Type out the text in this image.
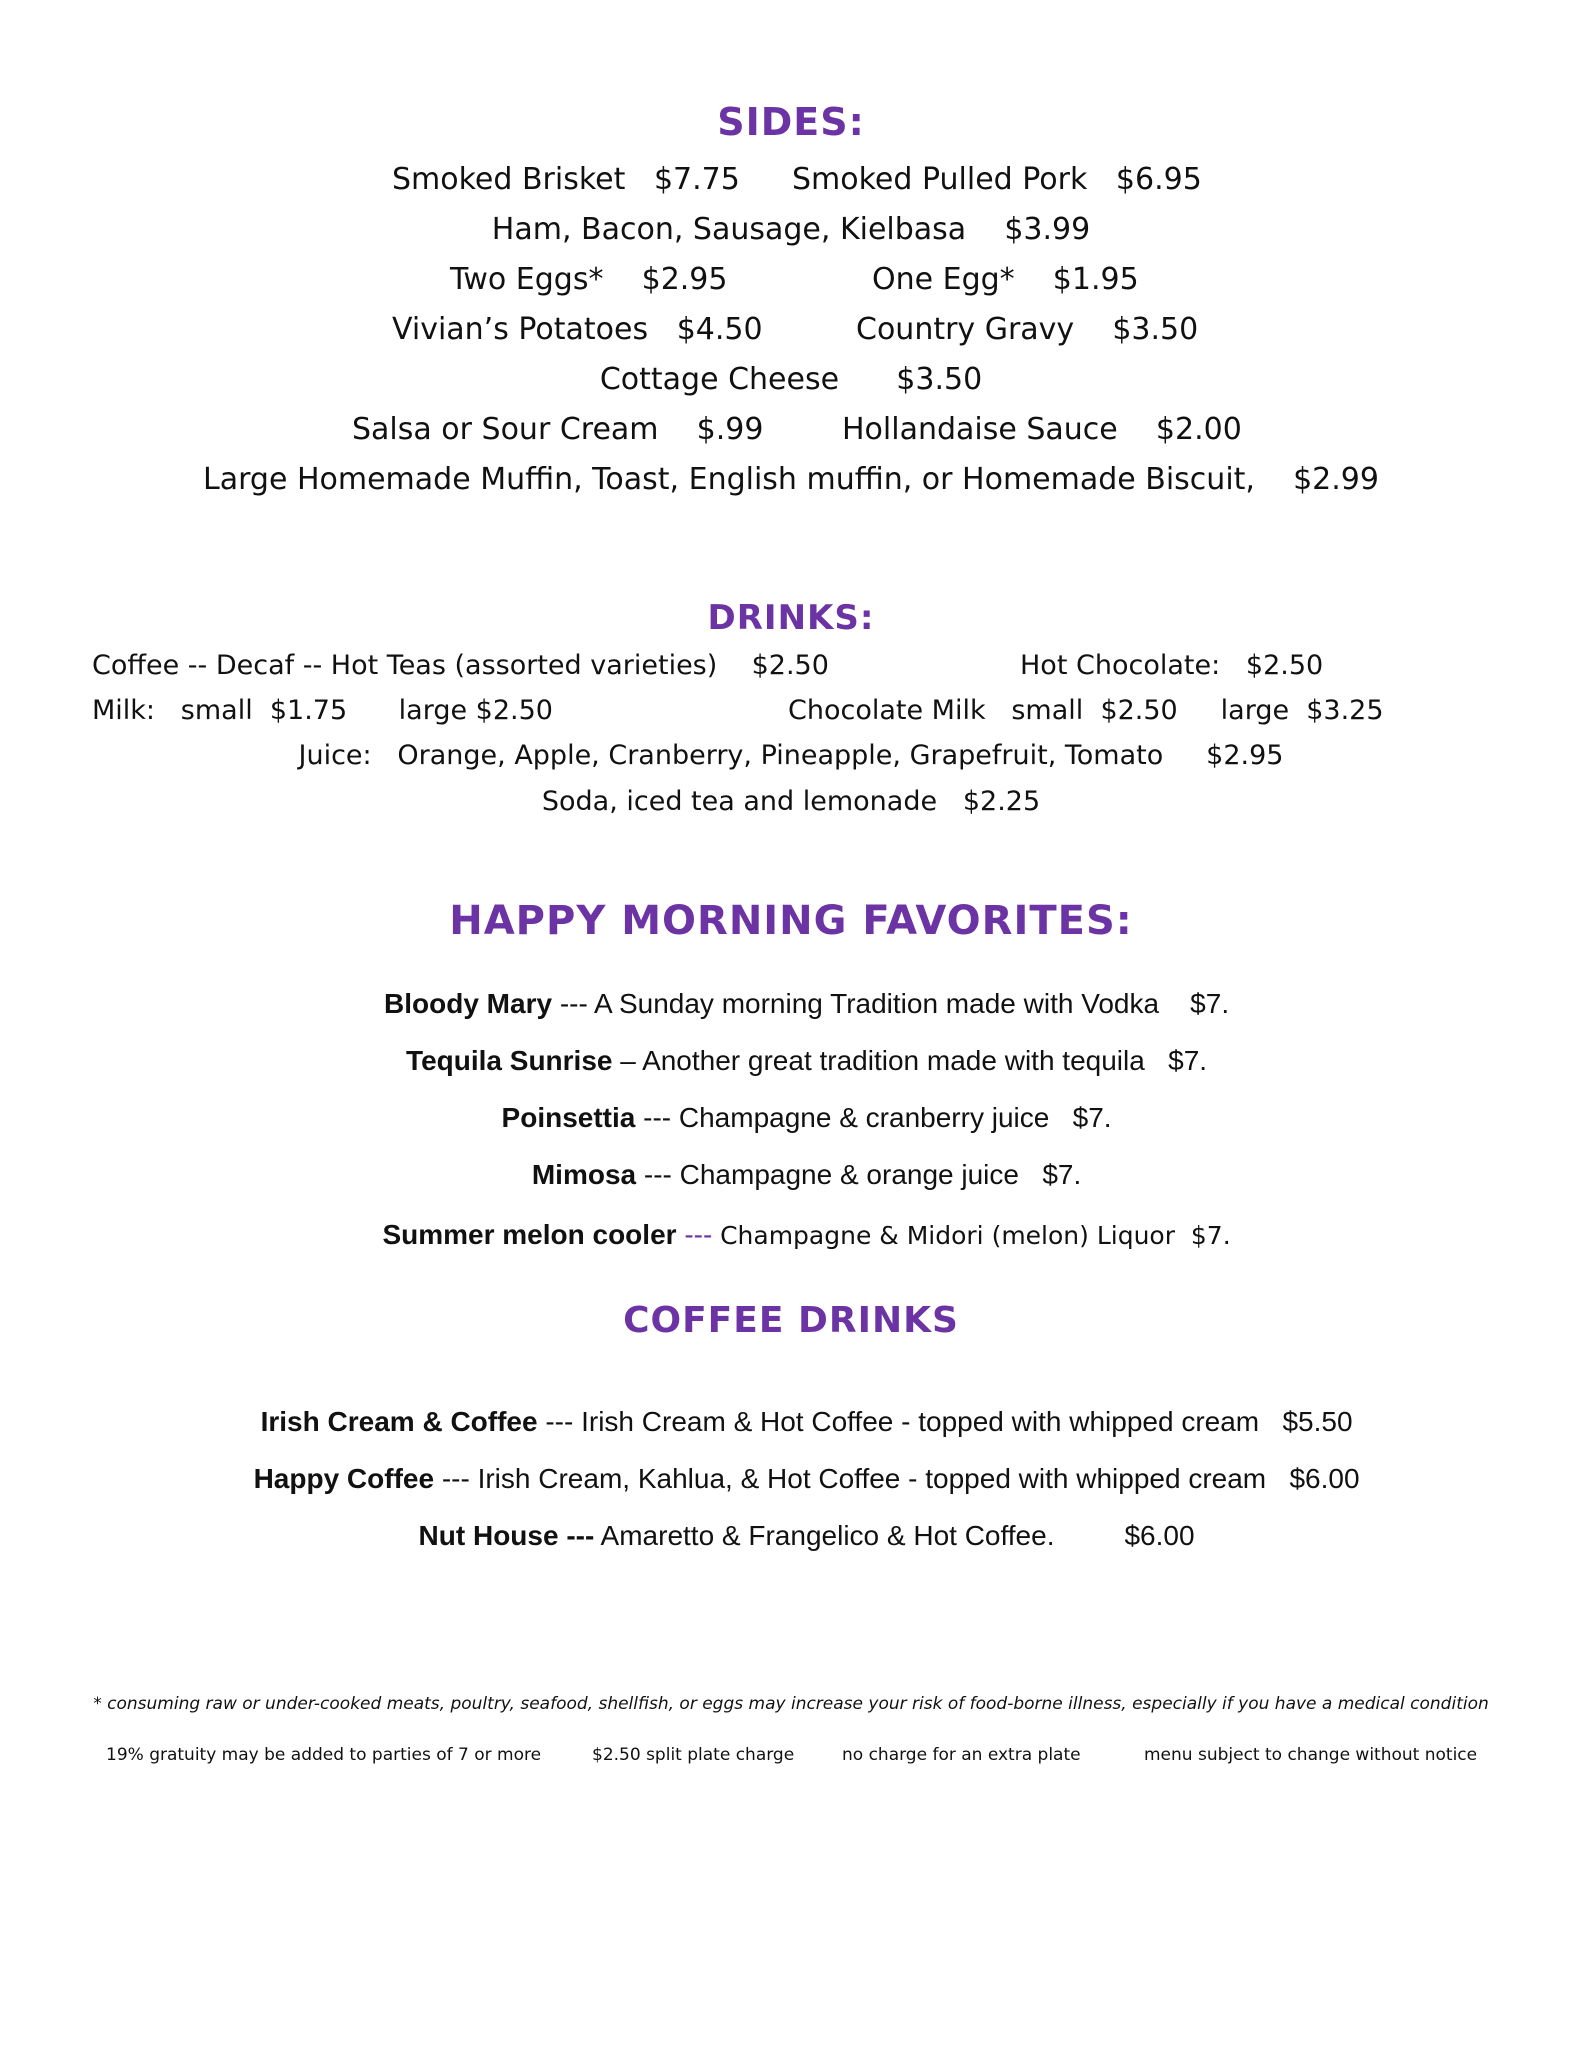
SIDES:
Smoked Brisket   $7.75 Smoked Pulled Pork   $6.95
Ham, Bacon, Sausage, Kielbasa    $3.99
Two Eggs*    $2.95	One Egg*    $1.95
Vivian’s Potatoes   $4.50	Country Gravy    $3.50
Cottage Cheese      $3.50
Salsa or Sour Cream    $.99	Hollandaise Sauce    $2.00
Large Homemade Muffin, Toast, English muffin, or Homemade Biscuit,    $2.99
DRINKS:
Coffee -- Decaf -- Hot Teas (assorted varieties)    $2.50	Hot Chocolate:   $2.50
Milk:   small  $1.75      large $2.50	Chocolate Milk   small  $2.50     large  $3.25
Juice:   Orange, Apple, Cranberry, Pineapple, Grapefruit, Tomato     $2.95
Soda, iced tea and lemonade   $2.25
HAPPY MORNING FAVORITES:

Bloody Mary --- A Sunday morning Tradition made with Vodka    $7.

Tequila Sunrise – Another great tradition made with tequila   $7.

Poinsettia --- Champagne & cranberry juice   $7.

Mimosa --- Champagne & orange juice   $7.

Summer melon cooler --- Champagne & Midori (melon) Liquor  $7.

COFFEE DRINKS

Irish Cream & Coffee --- Irish Cream & Hot Coffee - topped with whipped cream   $5.50

Happy Coffee --- Irish Cream, Kahlua, & Hot Coffee - topped with whipped cream   $6.00

Nut House --- Amaretto & Frangelico & Hot Coffee.         $6.00

* consuming raw or under-cooked meats, poultry, seafood, shellfish, or eggs may increase your risk of food-borne illness, especially if you have a medical condition
19% gratuity may be added to parties of 7 or more	$2.50 split plate charge	no charge for an extra plate	menu subject to change without notice
